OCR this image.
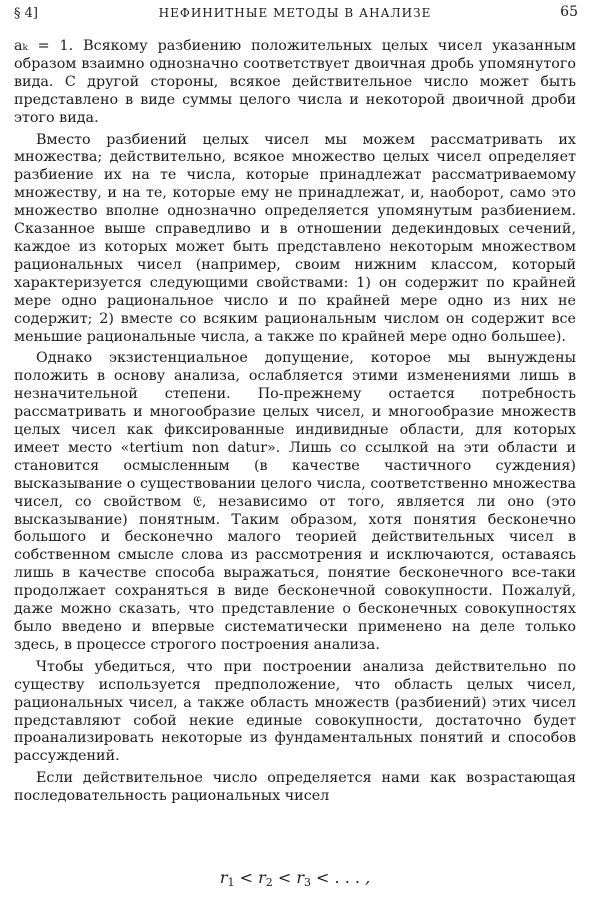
§ 4]	НЕФИНИТНЫЕ МЕТОДЫ В АНАЛИЗЕ	65

aₖ = 1. Всякому разбиению положительных целых чисел указанным образом взаимно однозначно соответствует двоичная дробь упомянутого вида. С другой стороны, всякое действительное число может быть представлено в виде суммы целого числа и некоторой двоичной дроби этого вида.

Вместо разбиений целых чисел мы можем рассматривать их множества; действительно, всякое множество целых чисел определяет разбиение их на те числа, которые принадлежат рассматриваемому множеству, и на те, которые ему не принадлежат, и, наоборот, само это множество вполне однозначно определяется упомянутым разбиением. Сказанное выше справедливо и в отношении дедекиндовых сечений, каждое из которых может быть представлено некоторым множеством рациональных чисел (например, своим нижним классом, который характеризуется следующими свойствами: 1) он содержит по крайней мере одно рациональное число и по крайней мере одно из них не содержит; 2) вместе со всяким рациональным числом он содержит все меньшие рациональные числа, а также по крайней мере одно большее).

Однако экзистенциальное допущение, которое мы вынуждены положить в основу анализа, ослабляется этими изменениями лишь в незначительной степени. По-прежнему остается потребность рассматривать и многообразие целых чисел, и многообразие множеств целых чисел как фиксированные индивидные области, для которых имеет место «tertium non datur». Лишь со ссылкой на эти области и становится осмысленным (в качестве частичного суждения) высказывание о существовании целого числа, соответственно множества чисел, со свойством 𝔈, независимо от того, является ли оно (это высказывание) понятным. Таким образом, хотя понятия бесконечно большого и бесконечно малого теорией действительных чисел в собственном смысле слова из рассмотрения и исключаются, оставаясь лишь в качестве способа выражаться, понятие бесконечного все-таки продолжает сохраняться в виде бесконечной совокупности. Пожалуй, даже можно сказать, что представление о бесконечных совокупностях было введено и впервые систематически применено на деле только здесь, в процессе строгого построения анализа.

Чтобы убедиться, что при построении анализа действительно по существу используется предположение, что область целых чисел, рациональных чисел, а также область множеств (разбиений) этих чисел представляют собой некие единые совокупности, достаточно будет проанализировать некоторые из фундаментальных понятий и способов рассуждений.

Если действительное число определяется нами как возрастающая последовательность рациональных чисел

$r_1 < r_2 < r_3$ < . . . ,
